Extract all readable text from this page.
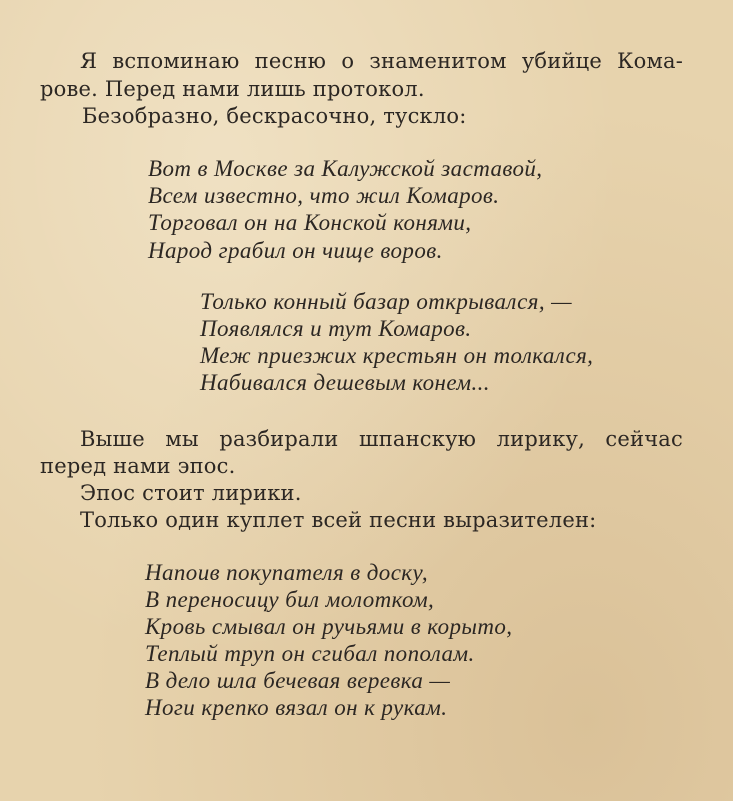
Я вспоминаю песню о знаменитом убийце Кома-
рове. Перед нами лишь протокол.
Безобразно, бескрасочно, тускло:
Вот в Москве за Калужской заставой,
Всем известно, что жил Комаров.
Торговал он на Конской конями,
Народ грабил он чище воров.
Только конный базар открывался, —
Появлялся и тут Комаров.
Меж приезжих крестьян он толкался,
Набивался дешевым конем...
Выше мы разбирали шпанскую лирику, сейчас
перед нами эпос.
Эпос стоит лирики.
Только один куплет всей песни выразителен:
Напоив покупателя в доску,
В переносицу бил молотком,
Кровь смывал он ручьями в корыто,
Теплый труп он сгибал пополам.
В дело шла бечевая веревка —
Ноги крепко вязал он к рукам.
